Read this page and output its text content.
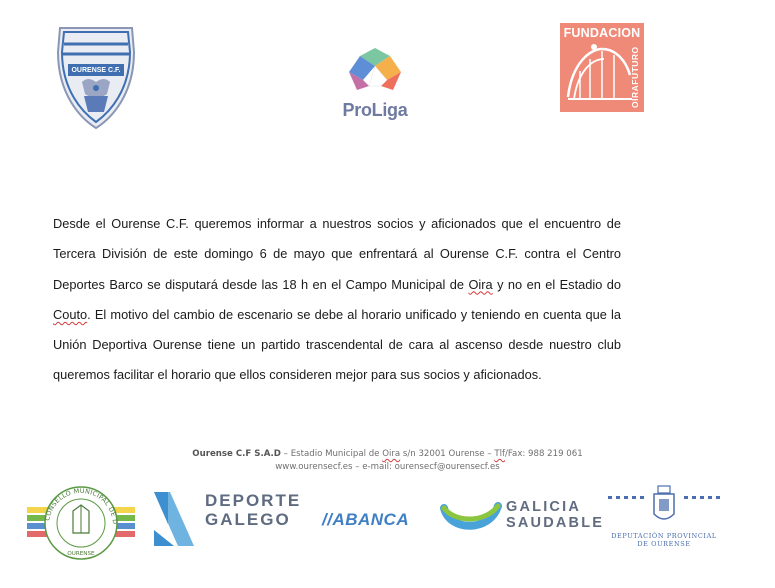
OURENSE C.F.
ProLiga
FUNDACION
OIRAFUTURO

Desde el Ourense C.F. queremos informar a nuestros socios y aficionados que el encuentro de Tercera División de este domingo 6 de mayo que enfrentará al Ourense C.F. contra el Centro Deportes Barco se disputará desde las 18 h en el Campo Municipal de Oira y no en el Estadio do Couto. El motivo del cambio de escenario se debe al horario unificado y teniendo en cuenta que la Unión Deportiva Ourense tiene un partido trascendental de cara al ascenso desde nuestro club queremos facilitar el horario que ellos consideren mejor para sus socios y aficionados.

Ourense C.F S.A.D – Estadio Municipal de Oira s/n 32001 Ourense – Tlf/Fax: 988 219 061
www.ourensecf.es – e-mail: ourensecf@ourensecf.es
CONSELLO MUNICIPAL DE D
OURENSE
DEPORTE
GALEGO	//ABANCA
GALICIA
SAUDABLE
DEPUTACIÓN PROVINCIAL
DE OURENSE
